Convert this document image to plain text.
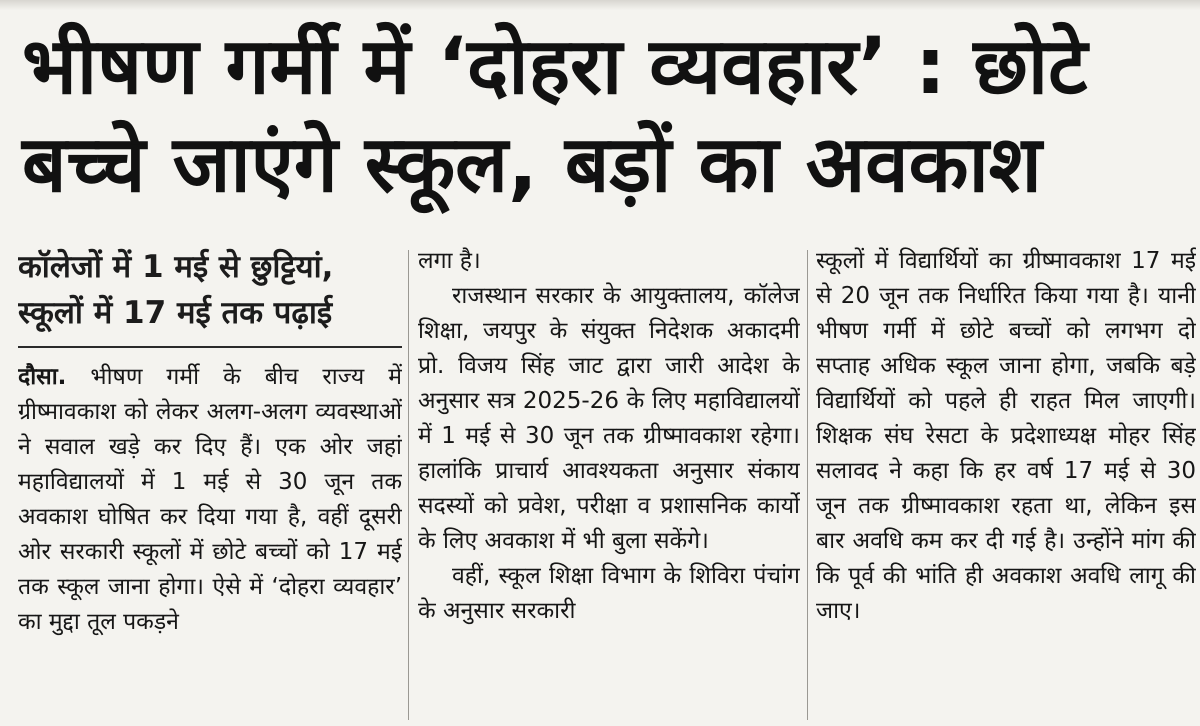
भीषण गर्मी में ‘दोहरा व्यवहार’ : छोटे
बच्चे जाएंगे स्कूल, बड़ों का अवकाश
कॉलेजों में 1 मई से छुट्टियां,
स्कूलों में 17 मई तक पढ़ाई

दौसा. भीषण गर्मी के बीच राज्य में ग्रीष्मावकाश को लेकर अलग-अलग व्यवस्थाओं ने सवाल खड़े कर दिए हैं। एक ओर जहां महाविद्यालयों में 1 मई से 30 जून तक अवकाश घोषित कर दिया गया है, वहीं दूसरी ओर सरकारी स्कूलों में छोटे बच्चों को 17 मई तक स्कूल जाना होगा। ऐसे में ‘दोहरा व्यवहार’ का मुद्दा तूल पकड़ने

लगा है।

राजस्थान सरकार के आयुक्तालय, कॉलेज शिक्षा, जयपुर के संयुक्त निदेशक अकादमी प्रो. विजय सिंह जाट द्वारा जारी आदेश के अनुसार सत्र 2025-26 के लिए महाविद्यालयों में 1 मई से 30 जून तक ग्रीष्मावकाश रहेगा। हालांकि प्राचार्य आवश्यकता अनुसार संकाय सदस्यों को प्रवेश, परीक्षा व प्रशासनिक कार्यो के लिए अवकाश में भी बुला सकेंगे।

वहीं, स्कूल शिक्षा विभाग के शिविरा पंचांग के अनुसार सरकारी

स्कूलों में विद्यार्थियों का ग्रीष्मावकाश 17 मई से 20 जून तक निर्धारित किया गया है। यानी भीषण गर्मी में छोटे बच्चों को लगभग दो सप्ताह अधिक स्कूल जाना होगा, जबकि बड़े विद्यार्थियों को पहले ही राहत मिल जाएगी।शिक्षक संघ रेसटा के प्रदेशाध्यक्ष मोहर सिंह सलावद ने कहा कि हर वर्ष 17 मई से 30 जून तक ग्रीष्मावकाश रहता था, लेकिन इस बार अवधि कम कर दी गई है। उन्होंने मांग की कि पूर्व की भांति ही अवकाश अवधि लागू की जाए।
